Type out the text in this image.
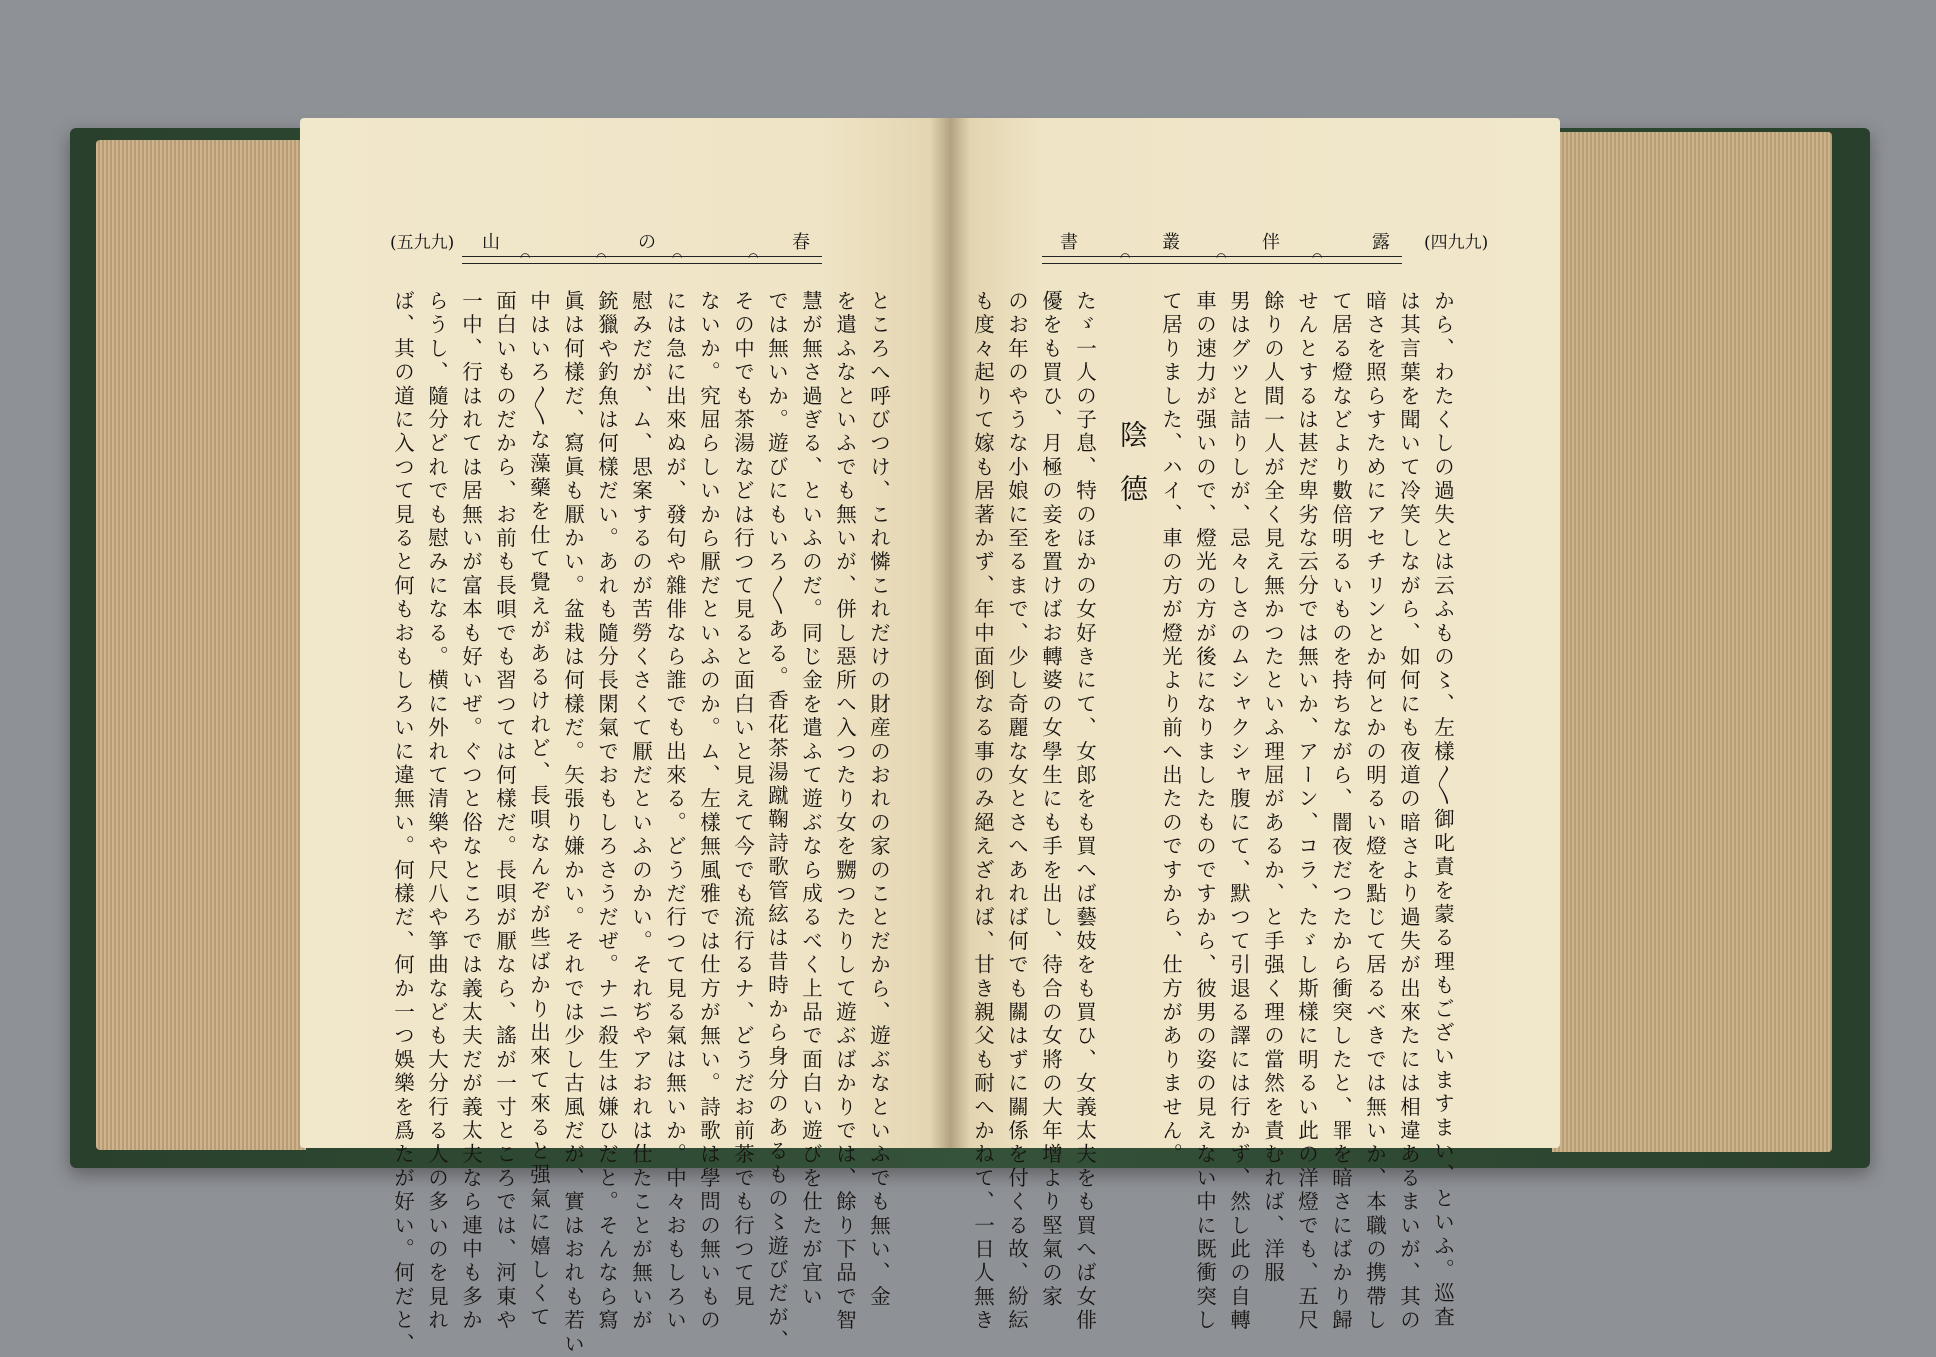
(五九九) 山	の	春
◠	◠	◠	◠
書	叢	伴	露 (四九九)
◠	◠	◠
ところへ呼びつけ、これ憐これだけの財産のおれの家のことだから、遊ぶなといふでも無い、金
を遣ふなといふでも無いが、併し惡所へ入つたり女を嬲つたりして遊ぶばかりでは、餘り下品で智
慧が無さ過ぎる、といふのだ。同じ金を遣ふて遊ぶなら成るべく上品で面白い遊びを仕たが宜い
では無いか。遊びにもいろ〳〵ある。香花茶湯蹴鞠詩歌管絃は昔時から身分のあるもの〻遊びだが、
その中でも茶湯などは行つて見ると面白いと見えて今でも流行るナ、どうだお前茶でも行つて見
ないか。究屈らしいから厭だといふのか。ム、左樣無風雅では仕方が無い。詩歌は學問の無いもの
には急に出來ぬが、發句や雜俳なら誰でも出來る。どうだ行つて見る氣は無いか。中々おもしろい
慰みだが、ム、思案するのが苦勞くさくて厭だといふのかい。それぢやアおれは仕たことが無いが
銃獵や釣魚は何樣だい。あれも隨分長閑氣でおもしろさうだぜ。ナニ殺生は嫌ひだと。そんなら寫
眞は何樣だ、寫眞も厭かい。盆栽は何樣だ。矢張り嫌かい。それでは少し古風だが、實はおれも若い
中はいろ〳〵な藻藥を仕て覺えがあるけれど、長唄なんぞが些ばかり出來て來ると强氣に嬉しくて
面白いものだから、お前も長唄でも習つては何樣だ。長唄が厭なら、謠が一寸ところでは、河東や
一中、行はれては居無いが富本も好いぜ。ぐつと俗なところでは義太夫だが義太夫なら連中も多か
らうし、隨分どれでも慰みになる。横に外れて清樂や尺八や箏曲なども大分行る人の多いのを見れ
ば、其の道に入つて見ると何もおもしろいに違無い。何樣だ、何か一つ娛樂を爲たが好い。何だと、	から、わたくしの過失とは云ふもの〻、左樣〳〵御叱責を蒙る理もございますまい、といふ。巡査
は其言葉を聞いて冷笑しながら、如何にも夜道の暗さより過失が出來たには相違あるまいが、其の
暗さを照らすためにアセチリンとか何とかの明るい燈を點じて居るべきでは無いか、本職の携帶し
て居る燈などより數倍明るいものを持ちながら、闇夜だつたから衝突したと、罪を暗さにばかり歸
せんとするは甚だ卑劣な云分では無いか、アーン、コラ、たゞし斯樣に明るい此の洋燈でも、五尺
餘りの人間一人が全く見え無かつたといふ理屈があるか、と手强く理の當然を責むれば、洋服
男はグツと詰りしが、忌々しさのムシャクシャ腹にて、默つて引退る譯には行かず、然し此の自轉
車の速力が强いので、燈光の方が後になりましたものですから、彼男の姿の見えない中に既衝突し
て居りました、ハイ、車の方が燈光より前へ出たのですから、仕方がありません。
陰德
たゞ一人の子息、特のほかの女好きにて、女郎をも買へば藝妓をも買ひ、女義太夫をも買へば女俳
優をも買ひ、月極の妾を置けばお轉婆の女學生にも手を出し、待合の女將の大年增より堅氣の家
のお年のやうな小娘に至るまで、少し奇麗な女とさへあれば何でも關はずに關係を付くる故、紛紜
も度々起りて嫁も居著かず、年中面倒なる事のみ絕えざれば、甘き親父も耐へかねて、一日人無き
